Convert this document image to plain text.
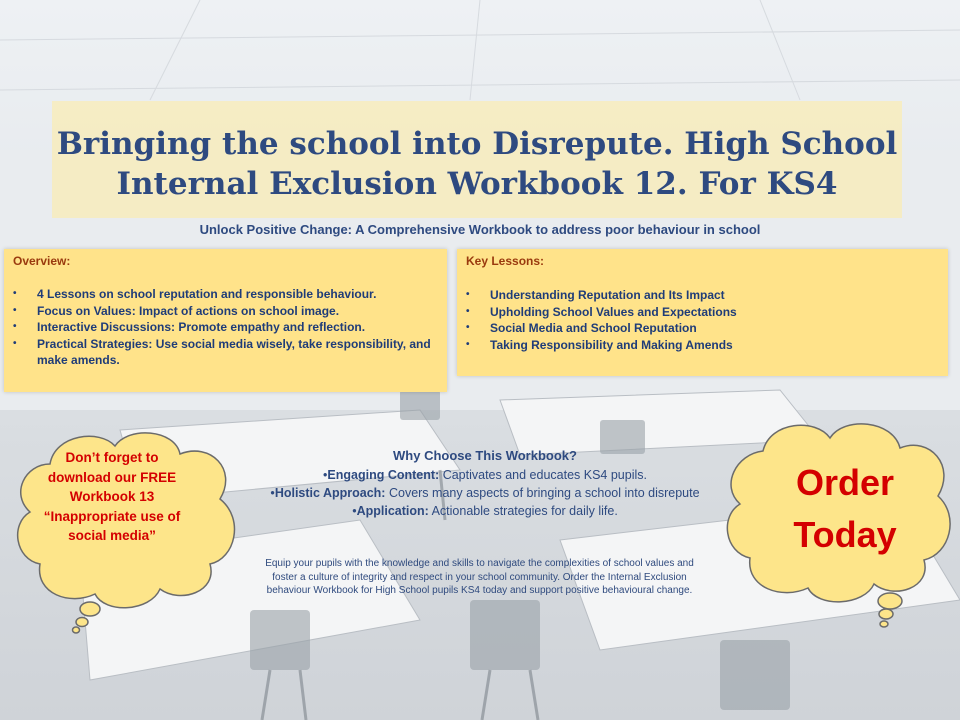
Bringing the school into Disrepute. High School Internal Exclusion Workbook 12. For KS4
Unlock Positive Change: A Comprehensive Workbook to address poor behaviour in school
Overview:
• 4 Lessons on school reputation and responsible behaviour.
• Focus on Values: Impact of actions on school image.
• Interactive Discussions: Promote empathy and reflection.
• Practical Strategies: Use social media wisely, take responsibility, and make amends.
Key Lessons:
• Understanding Reputation and Its Impact
• Upholding School Values and Expectations
• Social Media and School Reputation
• Taking Responsibility and Making Amends
Why Choose This Workbook?
•Engaging Content: Captivates and educates KS4 pupils.
•Holistic Approach: Covers many aspects of bringing a school into disrepute
•Application: Actionable strategies for daily life.
Equip your pupils with the knowledge and skills to navigate the complexities of school values and foster a culture of integrity and respect in your school community. Order the Internal Exclusion behaviour Workbook for High School pupils KS4 today and support positive behavioural change.
Don’t forget to download our FREE Workbook 13 “Inappropriate use of social media”
Order Today
